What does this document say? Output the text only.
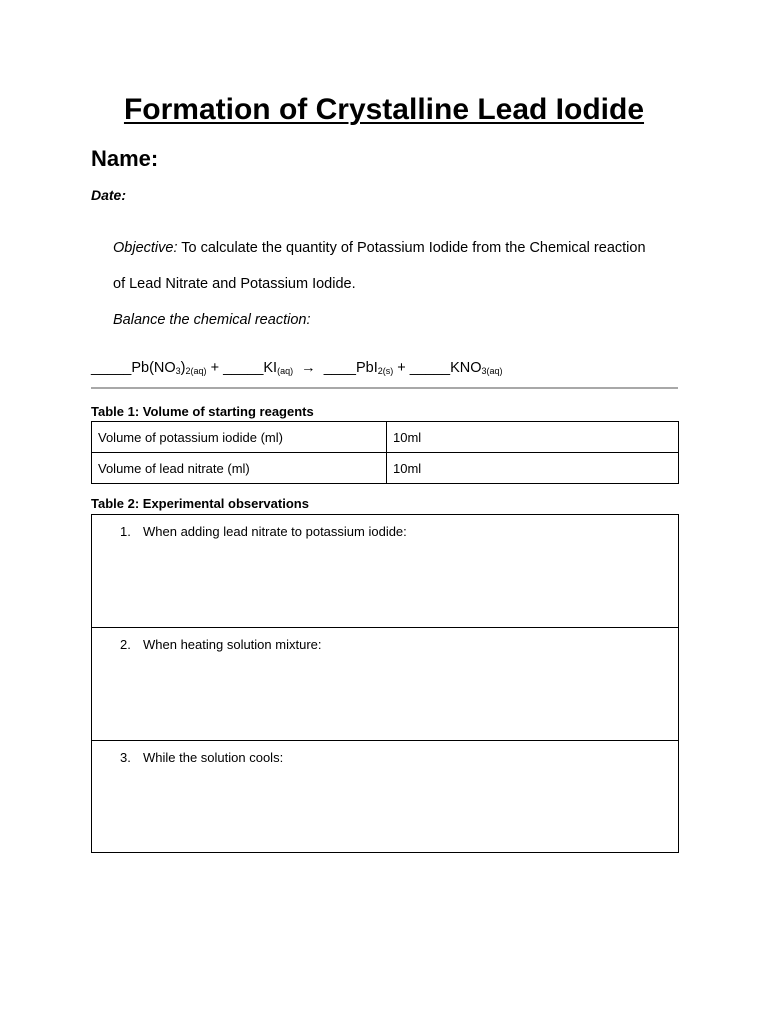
Formation of Crystalline Lead Iodide
Name:
Date:
Objective: To calculate the quantity of Potassium Iodide from the Chemical reaction
of Lead Nitrate and Potassium Iodide.
Balance the chemical reaction:
$\_\_\_\_\_Pb(NO_3)_{2(aq)}$ + $\_\_\_\_\_KI_{(aq)}$ → ____PbI$_{2(s)}$ + $\_\_\_\_\_KNO_{3(aq)}$
Table 1: Volume of starting reagents
Volume of potassium iodide (ml)	10ml
Volume of lead nitrate (ml)	10ml
Table 2: Experimental observations
1. When adding lead nitrate to potassium iodide:
2. When heating solution mixture:
3. While the solution cools:
